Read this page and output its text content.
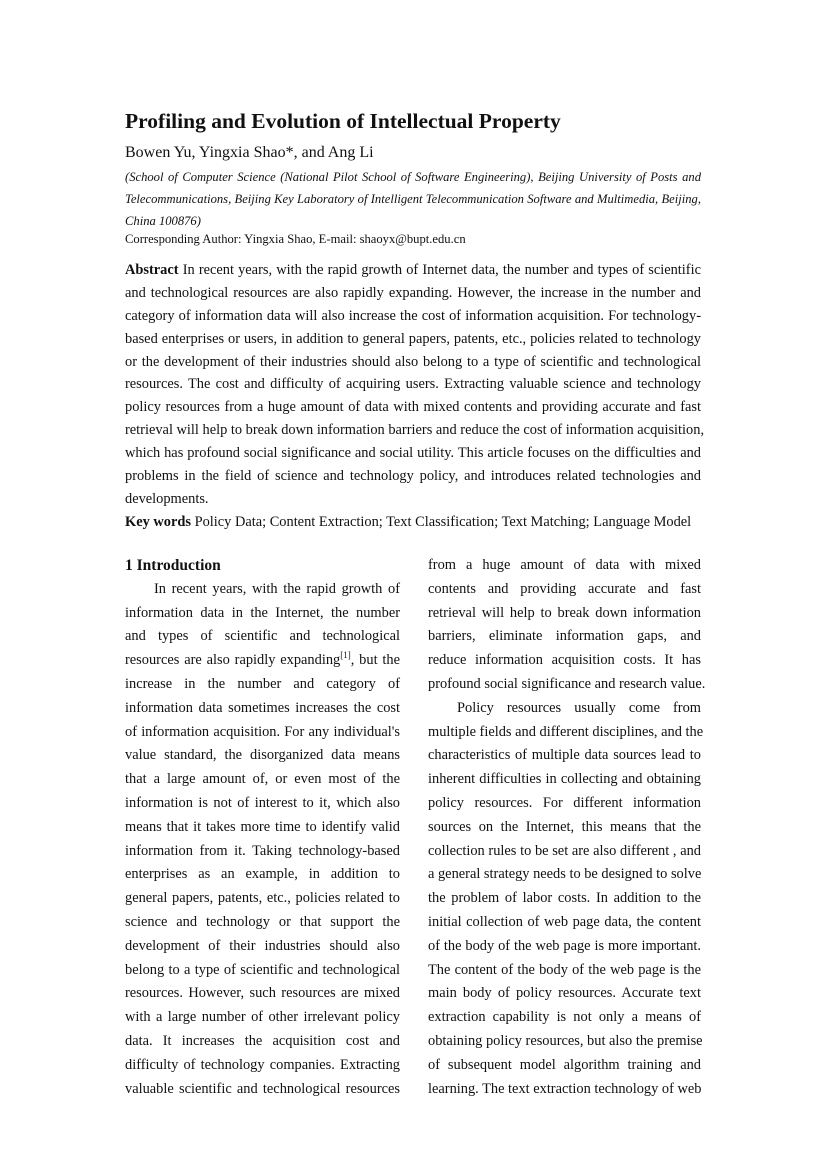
Profiling and Evolution of Intellectual Property
Bowen Yu, Yingxia Shao*, and Ang Li
(School of Computer Science (National Pilot School of Software Engineering), Beijing University of Posts and
Telecommunications, Beijing Key Laboratory of Intelligent Telecommunication Software and Multimedia, Beijing,
China 100876)
Corresponding Author: Yingxia Shao, E-mail: shaoyx@bupt.edu.cn
Abstract In recent years, with the rapid growth of Internet data, the number and types of scientific
and technological resources are also rapidly expanding. However, the increase in the number and
category of information data will also increase the cost of information acquisition. For technology-
based enterprises or users, in addition to general papers, patents, etc., policies related to technology
or the development of their industries should also belong to a type of scientific and technological
resources. The cost and difficulty of acquiring users. Extracting valuable science and technology
policy resources from a huge amount of data with mixed contents and providing accurate and fast
retrieval will help to break down information barriers and reduce the cost of information acquisition,
which has profound social significance and social utility. This article focuses on the difficulties and
problems in the field of science and technology policy, and introduces related technologies and
developments.
Key words Policy Data; Content Extraction; Text Classification; Text Matching; Language Model
1 Introduction
In recent years, with the rapid growth of
information data in the Internet, the number
and types of scientific and technological
resources are also rapidly expanding[1], but the
increase in the number and category of
information data sometimes increases the cost
of information acquisition. For any individual's
value standard, the disorganized data means
that a large amount of, or even most of the
information is not of interest to it, which also
means that it takes more time to identify valid
information from it. Taking technology-based
enterprises as an example, in addition to
general papers, patents, etc., policies related to
science and technology or that support the
development of their industries should also
belong to a type of scientific and technological
resources. However, such resources are mixed
with a large number of other irrelevant policy
data. It increases the acquisition cost and
difficulty of technology companies. Extracting
valuable scientific and technological resources
from a huge amount of data with mixed
contents and providing accurate and fast
retrieval will help to break down information
barriers, eliminate information gaps, and
reduce information acquisition costs. It has
profound social significance and research value.
Policy resources usually come from
multiple fields and different disciplines, and the
characteristics of multiple data sources lead to
inherent difficulties in collecting and obtaining
policy resources. For different information
sources on the Internet, this means that the
collection rules to be set are also different , and
a general strategy needs to be designed to solve
the problem of labor costs. In addition to the
initial collection of web page data, the content
of the body of the web page is more important.
The content of the body of the web page is the
main body of policy resources. Accurate text
extraction capability is not only a means of
obtaining policy resources, but also the premise
of subsequent model algorithm training and
learning. The text extraction technology of web
